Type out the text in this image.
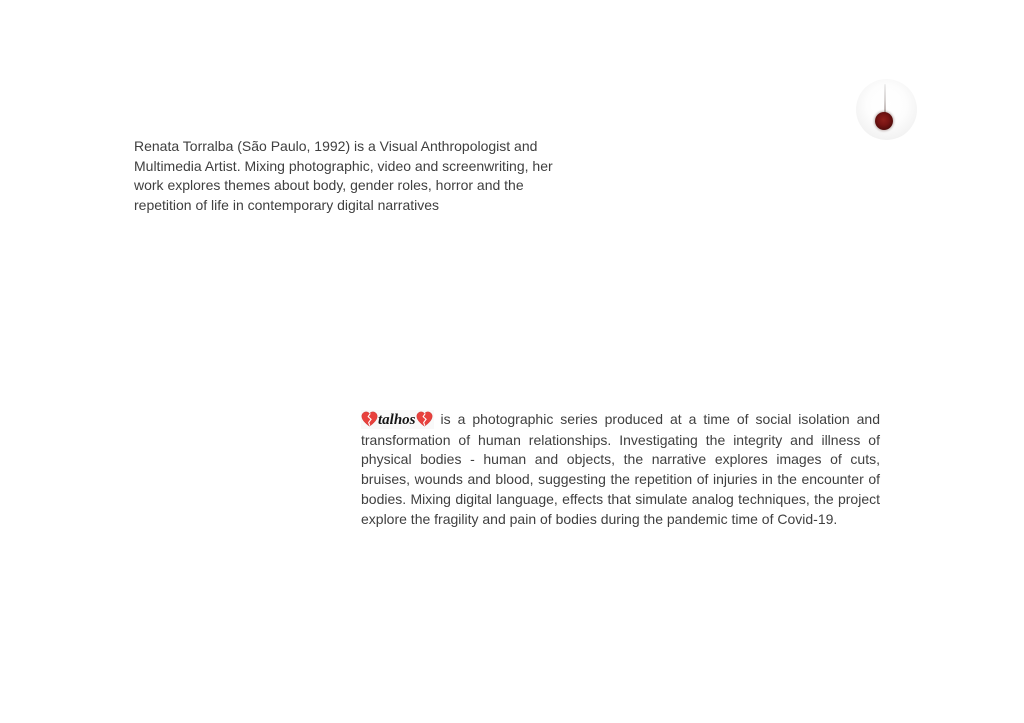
Renata Torralba (São Paulo, 1992) is a Visual Anthropologist and Multimedia Artist. Mixing photographic, video and screenwriting, her work explores themes about body, gender roles, horror and the repetition of life in contemporary digital narratives
talhos is a photographic series produced at a time of social isolation and transformation of human relationships. Investigating the integrity and illness of physical bodies - human and objects, the narrative explores images of cuts, bruises, wounds and blood, suggesting the repetition of injuries in the encounter of bodies. Mixing digital language, effects that simulate analog techniques, the project explore the fragility and pain of bodies during the pandemic time of Covid-19.
